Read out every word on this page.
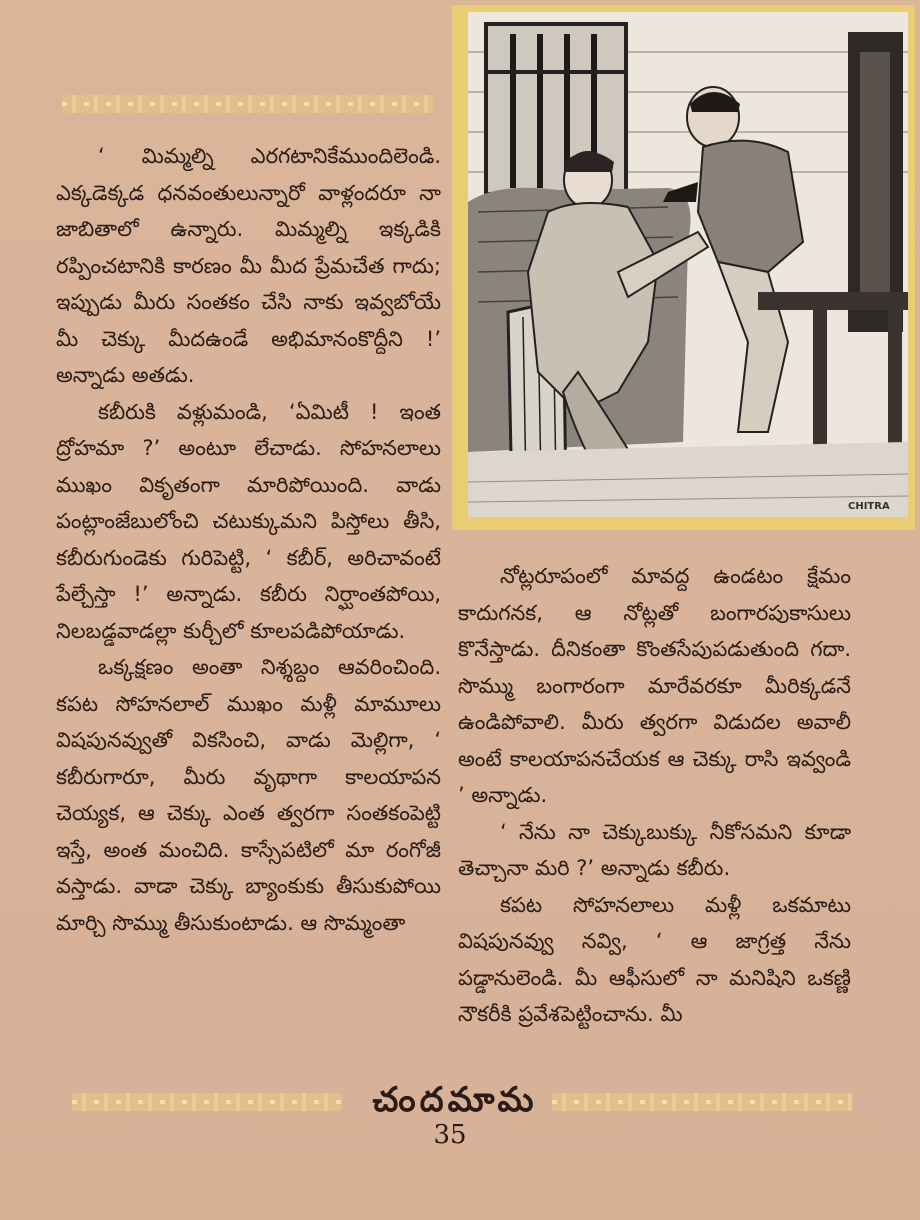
CHITRA

‘ మిమ్మల్ని ఎరగటానికేముందిలెండి. ఎక్కడెక్కడ ధనవంతులున్నారో వాళ్లందరూ నా జాబితాలో ఉన్నారు. మిమ్మల్ని ఇక్కడికి రప్పించటానికి కారణం మీ మీద ప్రేమచేత గాదు; ఇప్పుడు మీరు సంతకం చేసి నాకు ఇవ్వబోయే మీ చెక్కు మీదఉండే అభిమానంకొద్దీని !’ అన్నాడు అతడు.

కబీరుకి వళ్లుమండి, ‘ఏమిటీ ! ఇంత ద్రోహమా ?’ అంటూ లేచాడు. సోహనలాలు ముఖం వికృతంగా మారిపోయింది. వాడు పంట్లాంజేబులోంచి చటుక్కుమని పిస్తోలు తీసి, కబీరుగుండెకు గురిపెట్టి, ‘ కబీర్, అరిచావంటే పేల్చేస్తా !’ అన్నాడు. కబీరు నిర్ఘాంతపోయి, నిలబడ్డవాడల్లా కుర్చీలో కూలపడిపోయాడు.

ఒక్కక్షణం అంతా నిశ్శబ్దం ఆవరించింది. కపట సోహనలాల్ ముఖం మళ్లీ మామూలు విషపునవ్వుతో వికసించి, వాడు మెల్లిగా, ‘ కబీరుగారూ, మీరు వృథాగా కాలయాపన చెయ్యక, ఆ చెక్కు ఎంత త్వరగా సంతకంపెట్టి ఇస్తే, అంత మంచిది. కాస్సేపటిలో మా రంగోజీ వస్తాడు. వాడా చెక్కు బ్యాంకుకు తీసుకుపోయి మార్చి సొమ్ము తీసుకుంటాడు. ఆ సొమ్మంతా

నోట్లరూపంలో మావద్ద ఉండటం క్షేమం కాదుగనక, ఆ నోట్లతో బంగారపుకాసులు కొనేస్తాడు. దీనికంతా కొంతసేపుపడుతుంది గదా. సొమ్ము బంగారంగా మారేవరకూ మీరిక్కడనే ఉండిపోవాలి. మీరు త్వరగా విడుదల అవాలీ అంటే కాలయాపనచేయక ఆ చెక్కు రాసి ఇవ్వండి ’ అన్నాడు.

‘ నేను నా చెక్కుబుక్కు నీకోసమని కూడా తెచ్చానా మరి ?’ అన్నాడు కబీరు.

కపట సోహనలాలు మళ్లీ ఒకమాటు విషపునవ్వు నవ్వి, ‘ ఆ జాగ్రత్త నేను పడ్డానులెండి. మీ ఆఫీసులో నా మనిషిని ఒకణ్ణి నౌకరీకి ప్రవేశపెట్టించాను. మీ

చందమామ
35
